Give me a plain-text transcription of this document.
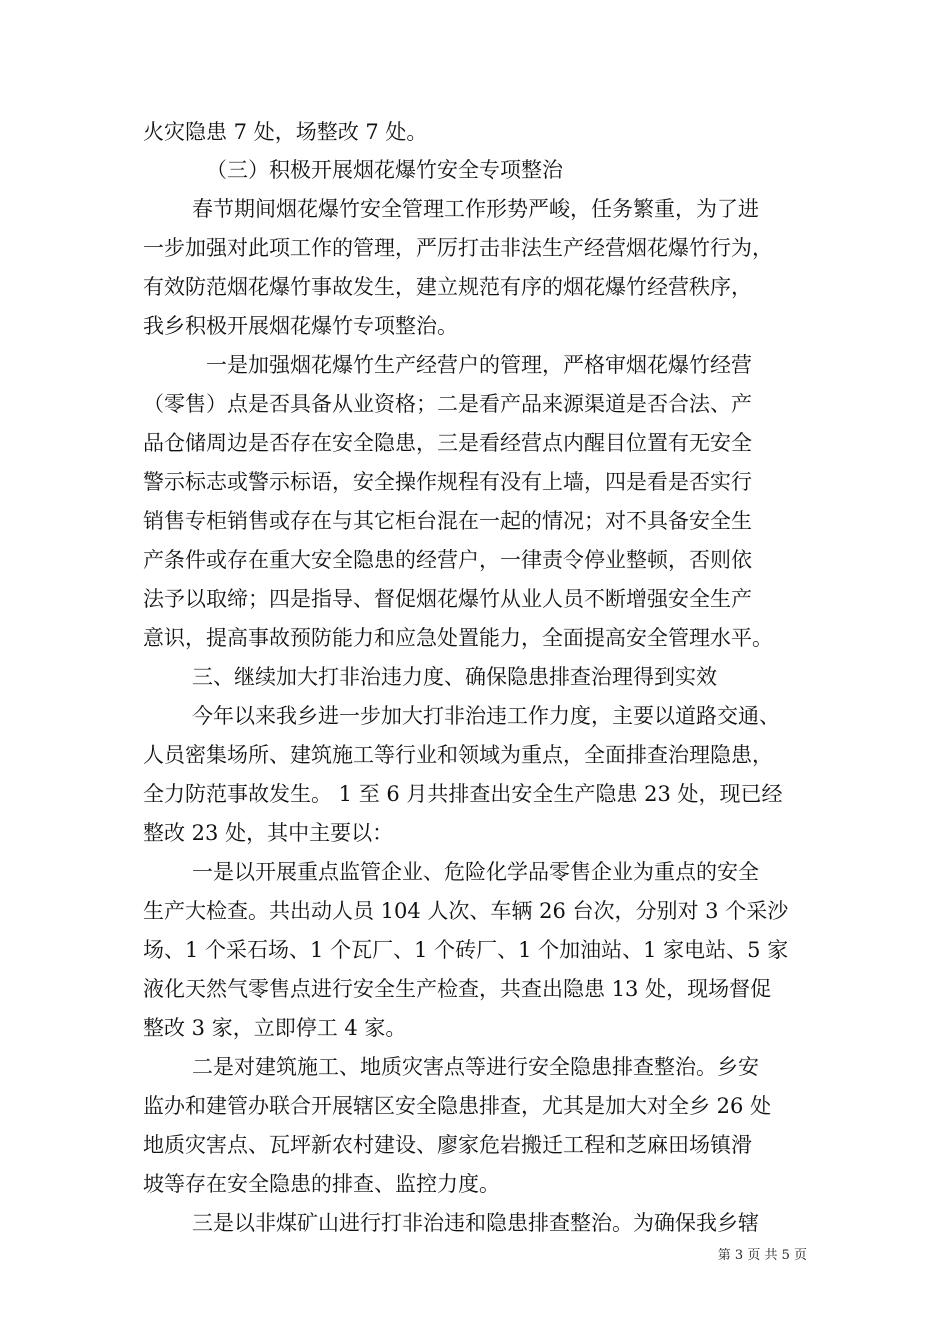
火灾隐患 7 处，场整改 7 处。
（三）积极开展烟花爆竹安全专项整治
春节期间烟花爆竹安全管理工作形势严峻，任务繁重，为了进
一步加强对此项工作的管理，严厉打击非法生产经营烟花爆竹行为，
有效防范烟花爆竹事故发生，建立规范有序的烟花爆竹经营秩序，
我乡积极开展烟花爆竹专项整治。
一是加强烟花爆竹生产经营户的管理，严格审烟花爆竹经营
（零售）点是否具备从业资格；二是看产品来源渠道是否合法、产
品仓储周边是否存在安全隐患，三是看经营点内醒目位置有无安全
警示标志或警示标语，安全操作规程有没有上墙，四是看是否实行
销售专柜销售或存在与其它柜台混在一起的情况；对不具备安全生
产条件或存在重大安全隐患的经营户，一律责令停业整顿，否则依
法予以取缔；四是指导、督促烟花爆竹从业人员不断增强安全生产
意识，提高事故预防能力和应急处置能力，全面提高安全管理水平。
三、继续加大打非治违力度、确保隐患排查治理得到实效
今年以来我乡进一步加大打非治违工作力度，主要以道路交通、
人员密集场所、建筑施工等行业和领域为重点，全面排查治理隐患，
全力防范事故发生。 1 至 6 月共排查出安全生产隐患 23 处，现已经
整改 23 处，其中主要以：
一是以开展重点监管企业、危险化学品零售企业为重点的安全
生产大检查。共出动人员 104 人次、车辆 26 台次，分别对 3 个采沙
场、1 个采石场、1 个瓦厂、1 个砖厂、1 个加油站、1 家电站、5 家
液化天然气零售点进行安全生产检查，共查出隐患 13 处，现场督促
整改 3 家，立即停工 4 家。
二是对建筑施工、地质灾害点等进行安全隐患排查整治。乡安
监办和建管办联合开展辖区安全隐患排查，尤其是加大对全乡 26 处
地质灾害点、瓦坪新农村建设、廖家危岩搬迁工程和芝麻田场镇滑
坡等存在安全隐患的排查、监控力度。
三是以非煤矿山进行打非治违和隐患排查整治。为确保我乡辖
第 3 页 共 5 页
